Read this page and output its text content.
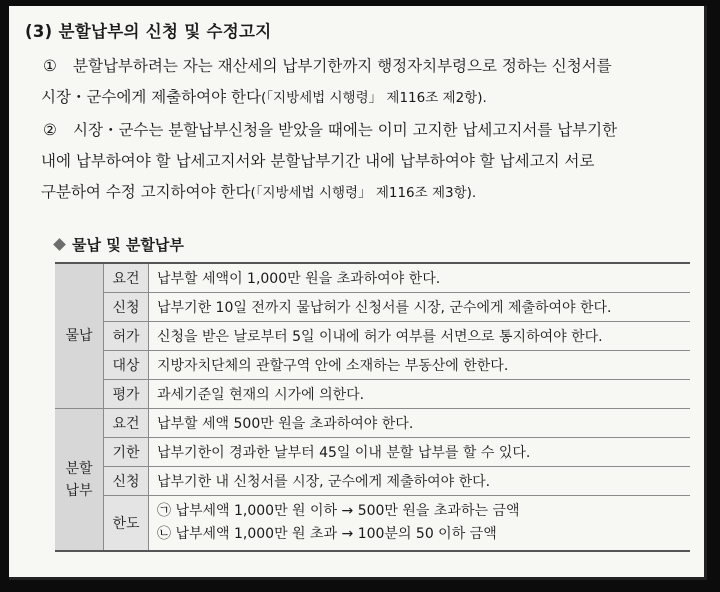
(3) 분할납부의 신청 및 수정고지
①	분할납부하려는 자는 재산세의 납부기한까지 행정자치부령으로 정하는 신청서를
시장・군수에게 제출하여야 한다(「지방세법 시행령」 제116조 제2항).
②	시장・군수는 분할납부신청을 받았을 때에는 이미 고지한 납세고지서를 납부기한
내에 납부하여야 할 납세고지서와 분할납부기간 내에 납부하여야 할 납세고지 서로
구분하여 수정 고지하여야 한다(「지방세법 시행령」 제116조 제3항).
물납 및 분할납부
물납	요건	납부할 세액이 1,000만 원을 초과하여야 한다.
	신청	납부기한 10일 전까지 물납허가 신청서를 시장, 군수에게 제출하여야 한다.
	허가	신청을 받은 날로부터 5일 이내에 허가 여부를 서면으로 통지하여야 한다.
	대상	지방자치단체의 관할구역 안에 소재하는 부동산에 한한다.
	평가	과세기준일 현재의 시가에 의한다.
분할
납부	요건	납부할 세액 500만 원을 초과하여야 한다.
	기한	납부기한이 경과한 날부터 45일 이내 분할 납부를 할 수 있다.
	신청	납부기한 내 신청서를 시장, 군수에게 제출하여야 한다.
	한도	㉠ 납부세액 1,000만 원 이하 → 500만 원을 초과하는 금액
㉡ 납부세액 1,000만 원 초과 → 100분의 50 이하 금액
